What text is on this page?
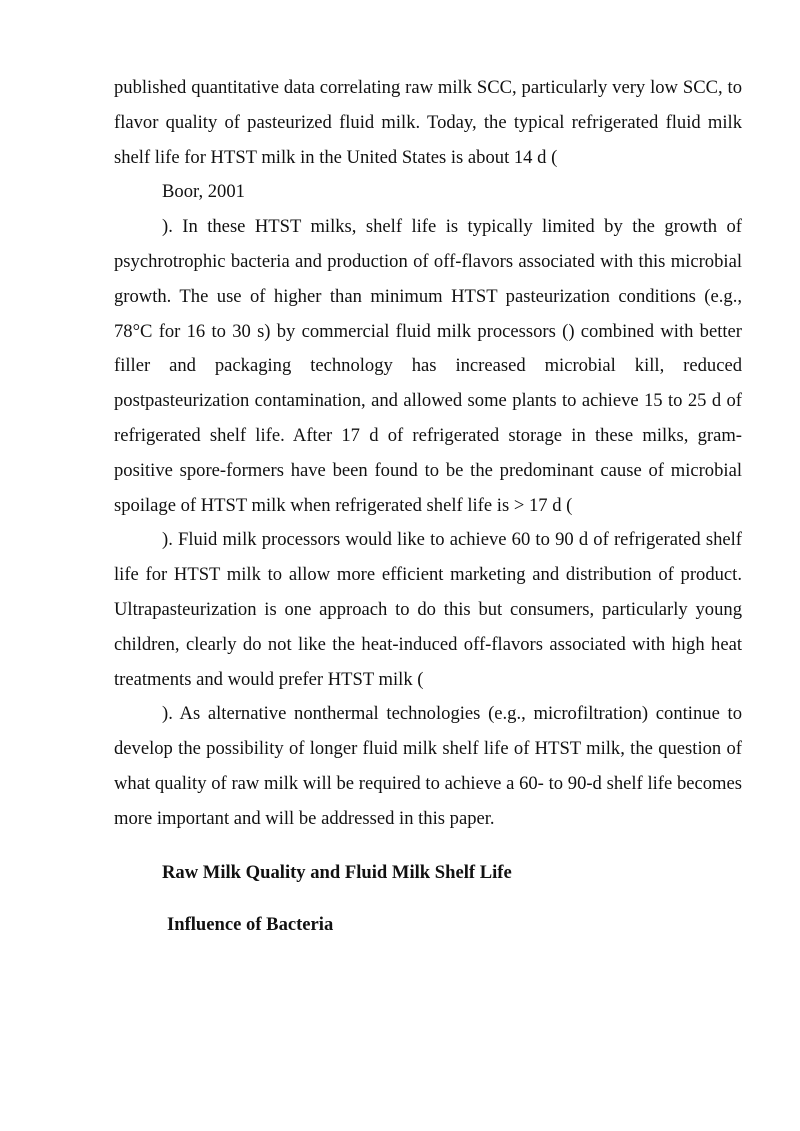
published quantitative data correlating raw milk SCC, particularly very low SCC, to flavor quality of pasteurized fluid milk. Today, the typical refrigerated fluid milk shelf life for HTST milk in the United States is about 14 d (

Boor, 2001

). In these HTST milks, shelf life is typically limited by the growth of psychrotrophic bacteria and production of off-flavors associated with this microbial growth. The use of higher than minimum HTST pasteurization conditions (e.g., 78°C for 16 to 30 s) by commercial fluid milk processors () combined with better filler and packaging technology has increased microbial kill, reduced postpasteurization contamination, and allowed some plants to achieve 15 to 25 d of refrigerated shelf life. After 17 d of refrigerated storage in these milks, gram-positive spore-formers have been found to be the predominant cause of microbial spoilage of HTST milk when refrigerated shelf life is > 17 d (

). Fluid milk processors would like to achieve 60 to 90 d of refrigerated shelf life for HTST milk to allow more efficient marketing and distribution of product. Ultrapasteurization is one approach to do this but consumers, particularly young children, clearly do not like the heat-induced off-flavors associated with high heat treatments and would prefer HTST milk (

). As alternative nonthermal technologies (e.g., microfiltration) continue to develop the possibility of longer fluid milk shelf life of HTST milk, the question of what quality of raw milk will be required to achieve a 60- to 90-d shelf life becomes more important and will be addressed in this paper.

Raw Milk Quality and Fluid Milk Shelf Life
Influence of Bacteria
